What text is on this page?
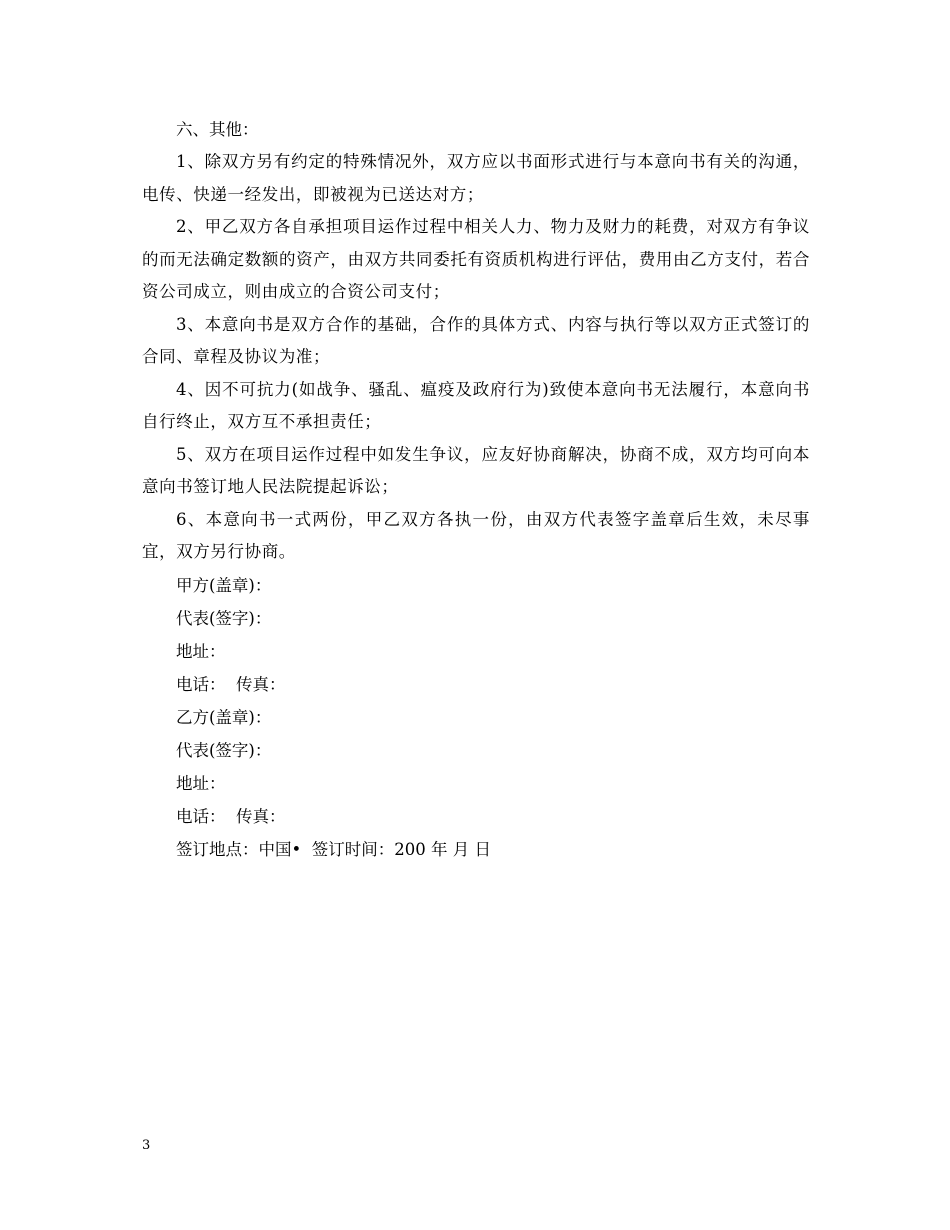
六、其他：

1、除双方另有约定的特殊情况外，双方应以书面形式进行与本意向书有关的沟通，电传、快递一经发出，即被视为已送达对方；

2、甲乙双方各自承担项目运作过程中相关人力、物力及财力的耗费，对双方有争议的而无法确定数额的资产，由双方共同委托有资质机构进行评估，费用由乙方支付，若合资公司成立，则由成立的合资公司支付；

3、本意向书是双方合作的基础，合作的具体方式、内容与执行等以双方正式签订的合同、章程及协议为准；

4、因不可抗力(如战争、骚乱、瘟疫及政府行为)致使本意向书无法履行，本意向书自行终止，双方互不承担责任；

5、双方在项目运作过程中如发生争议，应友好协商解决，协商不成，双方均可向本意向书签订地人民法院提起诉讼；

6、本意向书一式两份，甲乙双方各执一份，由双方代表签字盖章后生效，未尽事宜，双方另行协商。

甲方(盖章)：

代表(签字)：

地址：

电话：  传真：

乙方(盖章)：

代表(签字)：

地址：

电话：  传真：

签订地点：中国•  签订时间：200 年 月 日

3
